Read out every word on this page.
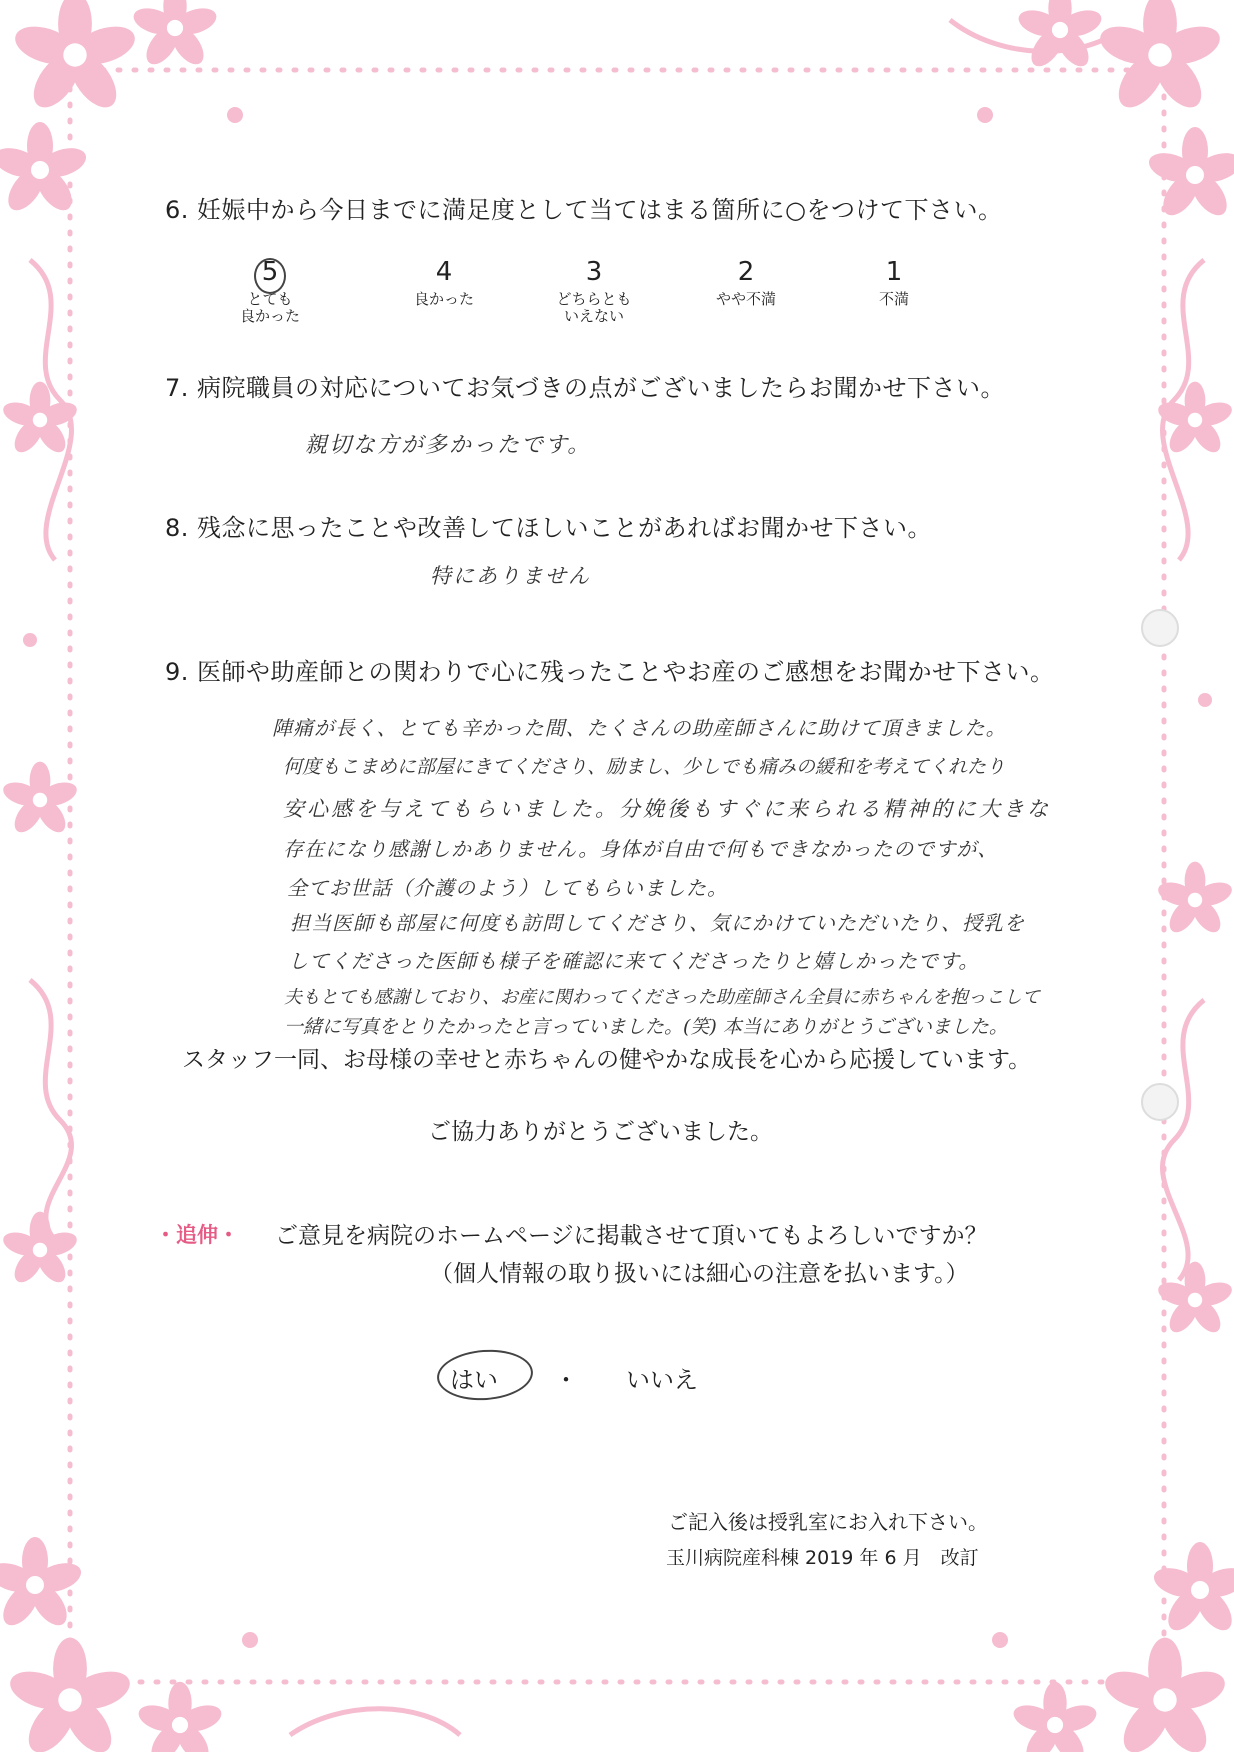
6. 妊娠中から今日までに満足度として当てはまる箇所に○をつけて下さい。
5
とても
良かった
4
良かった
3
どちらとも
いえない
2
やや不満
1
不満
7. 病院職員の対応についてお気づきの点がございましたらお聞かせ下さい。
親切な方が多かったです。
8. 残念に思ったことや改善してほしいことがあればお聞かせ下さい。
特にありません
9. 医師や助産師との関わりで心に残ったことやお産のご感想をお聞かせ下さい。
陣痛が長く、とても辛かった間、たくさんの助産師さんに助けて頂きました。
何度もこまめに部屋にきてくださり、励まし、少しでも痛みの緩和を考えてくれたり
安心感を与えてもらいました。分娩後もすぐに来られる精神的に大きな
存在になり感謝しかありません。身体が自由で何もできなかったのですが、
全てお世話（介護のよう）してもらいました。
担当医師も部屋に何度も訪問してくださり、気にかけていただいたり、授乳を
してくださった医師も様子を確認に来てくださったりと嬉しかったです。
夫もとても感謝しており、お産に関わってくださった助産師さん全員に赤ちゃんを抱っこして
一緒に写真をとりたかったと言っていました。(笑) 本当にありがとうございました。
スタッフ一同、お母様の幸せと赤ちゃんの健やかな成長を心から応援しています。
ご協力ありがとうございました。
・追伸・ ご意見を病院のホームページに掲載させて頂いてもよろしいですか？
（個人情報の取り扱いには細心の注意を払います。）
はい ・ いいえ
ご記入後は授乳室にお入れ下さい。
玉川病院産科棟 2019 年 6 月　改訂
